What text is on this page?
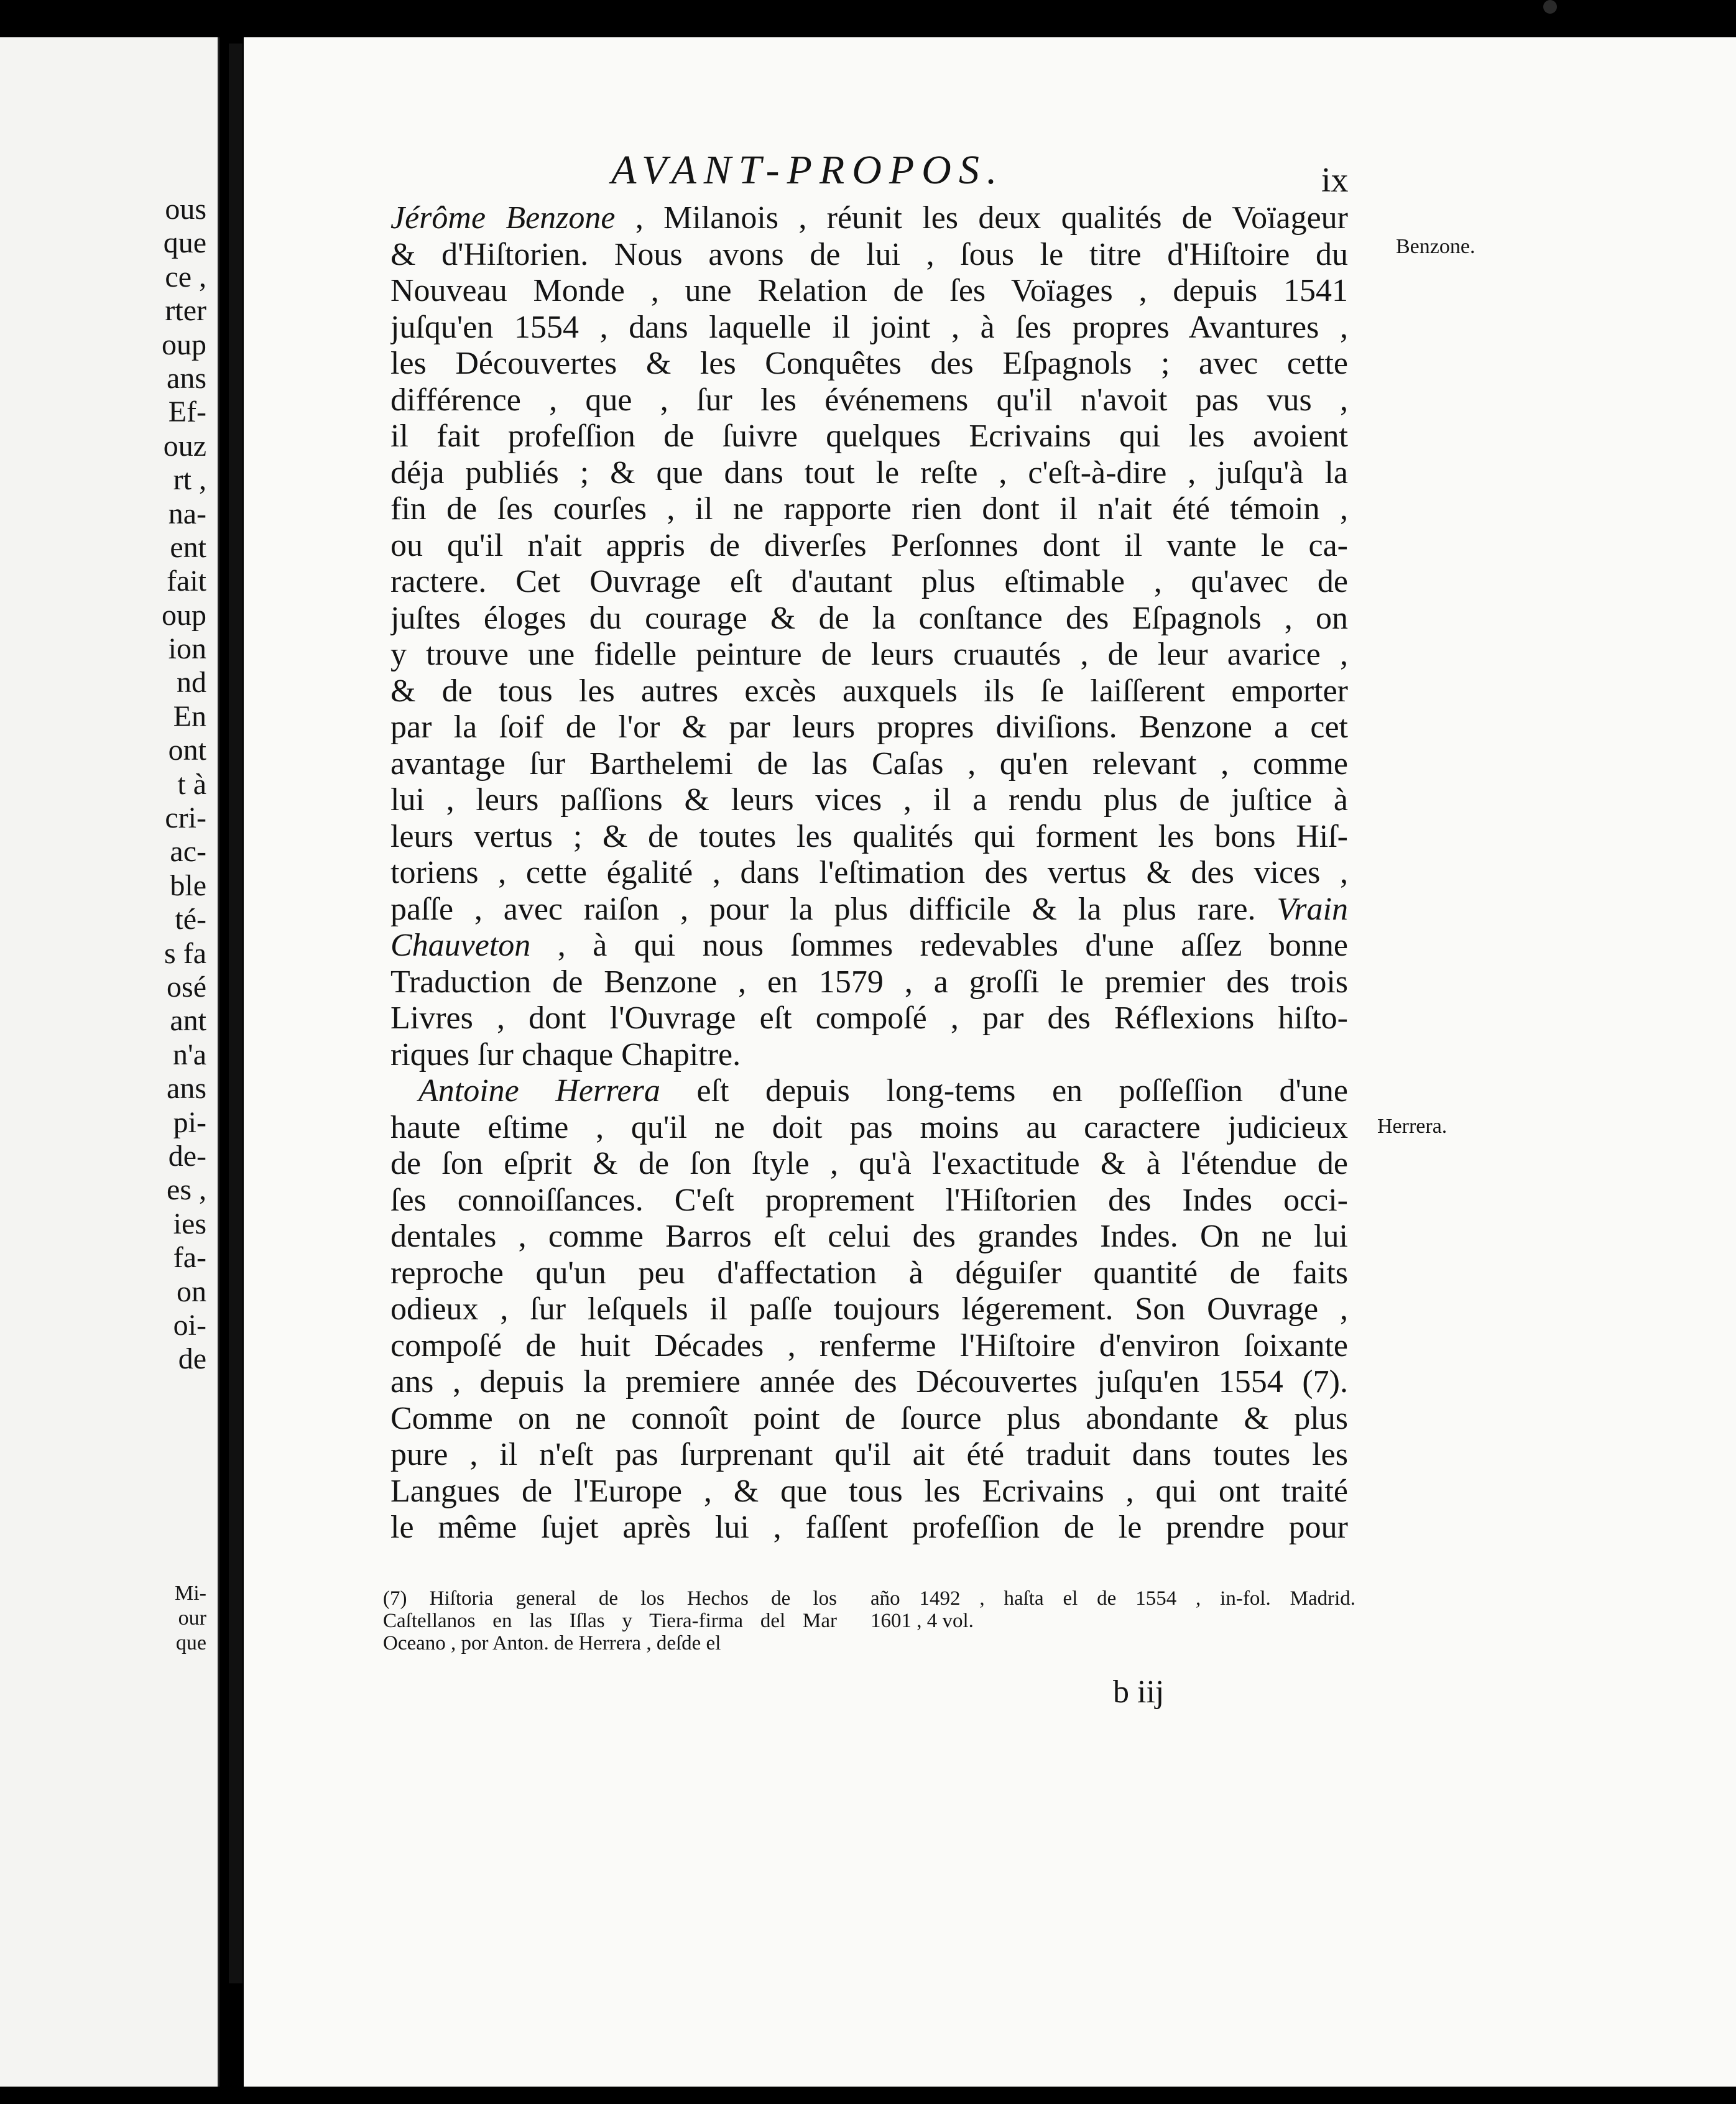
ous
que
ce ,
rter
oup
ans
Ef-
ouz
rt ,
na-
ent
fait
oup
ion
nd
En
ont
t à
cri-
ac-
ble
té-
s fa
osé
ant
n'a
ans
pi-
de-
es ,
ies
fa-
on
oi-
de
Mi-
our
que
AVANT-PROPOS.	ix
Benzone.
Herrera.
Jérôme Benzone , Milanois , réunit les deux qualités de Voïageur
& d'Hiſtorien. Nous avons de lui , ſous le titre d'Hiſtoire du
Nouveau Monde , une Relation de ſes Voïages , depuis 1541
juſqu'en 1554 , dans laquelle il joint , à ſes propres Avantures ,
les Découvertes & les Conquêtes des Eſpagnols ; avec cette
différence , que , ſur les événemens qu'il n'avoit pas vus ,
il fait profeſſion de ſuivre quelques Ecrivains qui les avoient
déja publiés ; & que dans tout le reſte , c'eſt-à-dire , juſqu'à la
fin de ſes courſes , il ne rapporte rien dont il n'ait été témoin ,
ou qu'il n'ait appris de diverſes Perſonnes dont il vante le ca-
ractere. Cet Ouvrage eſt d'autant plus eſtimable , qu'avec de
juſtes éloges du courage & de la conſtance des Eſpagnols , on
y trouve une fidelle peinture de leurs cruautés , de leur avarice ,
& de tous les autres excès auxquels ils ſe laiſſerent emporter
par la ſoif de l'or & par leurs propres diviſions. Benzone a cet
avantage ſur Barthelemi de las Caſas , qu'en relevant , comme
lui , leurs paſſions & leurs vices , il a rendu plus de juſtice à
leurs vertus ; & de toutes les qualités qui forment les bons Hiſ-
toriens , cette égalité , dans l'eſtimation des vertus & des vices ,
paſſe , avec raiſon , pour la plus difficile & la plus rare. Vrain
Chauveton , à qui nous ſommes redevables d'une aſſez bonne
Traduction de Benzone , en 1579 , a groſſi le premier des trois
Livres , dont l'Ouvrage eſt compoſé , par des Réflexions hiſto-
riques ſur chaque Chapitre.
Antoine Herrera eſt depuis long-tems en poſſeſſion d'une
haute eſtime , qu'il ne doit pas moins au caractere judicieux
de ſon eſprit & de ſon ſtyle , qu'à l'exactitude & à l'étendue de
ſes connoiſſances. C'eſt proprement l'Hiſtorien des Indes occi-
dentales , comme Barros eſt celui des grandes Indes. On ne lui
reproche qu'un peu d'affectation à déguiſer quantité de faits
odieux , ſur leſquels il paſſe toujours légerement. Son Ouvrage ,
compoſé de huit Décades , renferme l'Hiſtoire d'environ ſoixante
ans , depuis la premiere année des Découvertes juſqu'en 1554 (7).
Comme on ne connoît point de ſource plus abondante & plus
pure , il n'eſt pas ſurprenant qu'il ait été traduit dans toutes les
Langues de l'Europe , & que tous les Ecrivains , qui ont traité
le même ſujet après lui , faſſent profeſſion de le prendre pour
(7) Hiſtoria general de los Hechos de los
Caſtellanos en las Iſlas y Tiera-firma del Mar
Oceano , por Anton. de Herrera , deſde el
año 1492 , haſta el de 1554 , in-fol. Madrid.
1601 , 4 vol.
b iij
